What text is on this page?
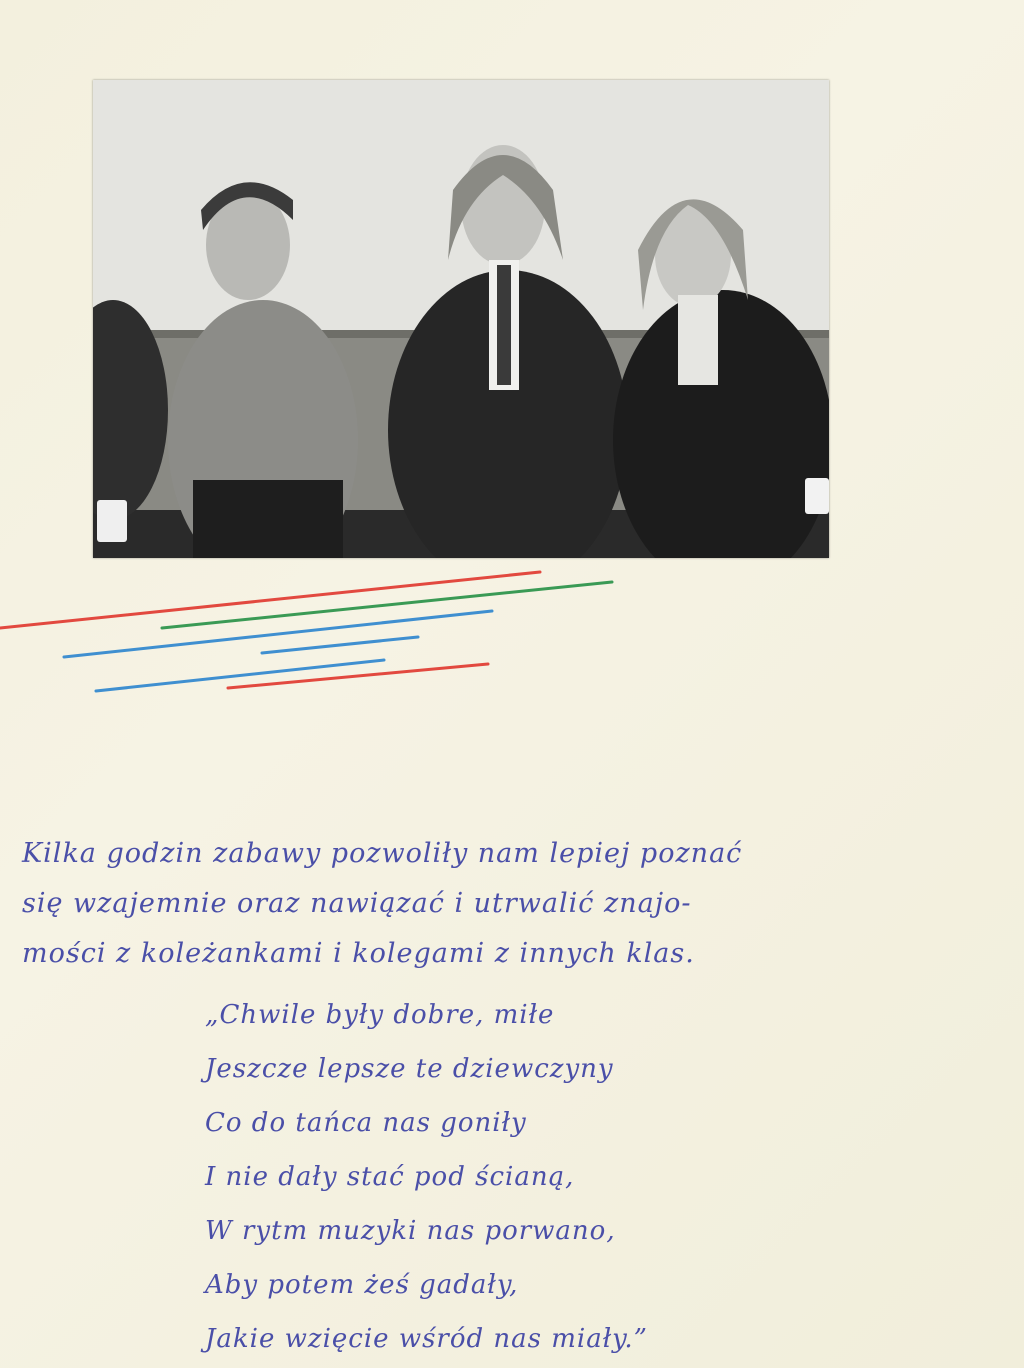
Kilka godzin zabawy pozwoliły nam lepiej poznać
się wzajemnie oraz nawiązać i utrwalić znajo-
mości z koleżankami i kolegami z innych klas.
„Chwile były dobre, miłe
Jeszcze lepsze te dziewczyny
Co do tańca nas goniły
I nie dały stać pod ścianą,
W rytm muzyki nas porwano,
Aby potem żeś gadały,
Jakie wzięcie wśród nas miały.”
